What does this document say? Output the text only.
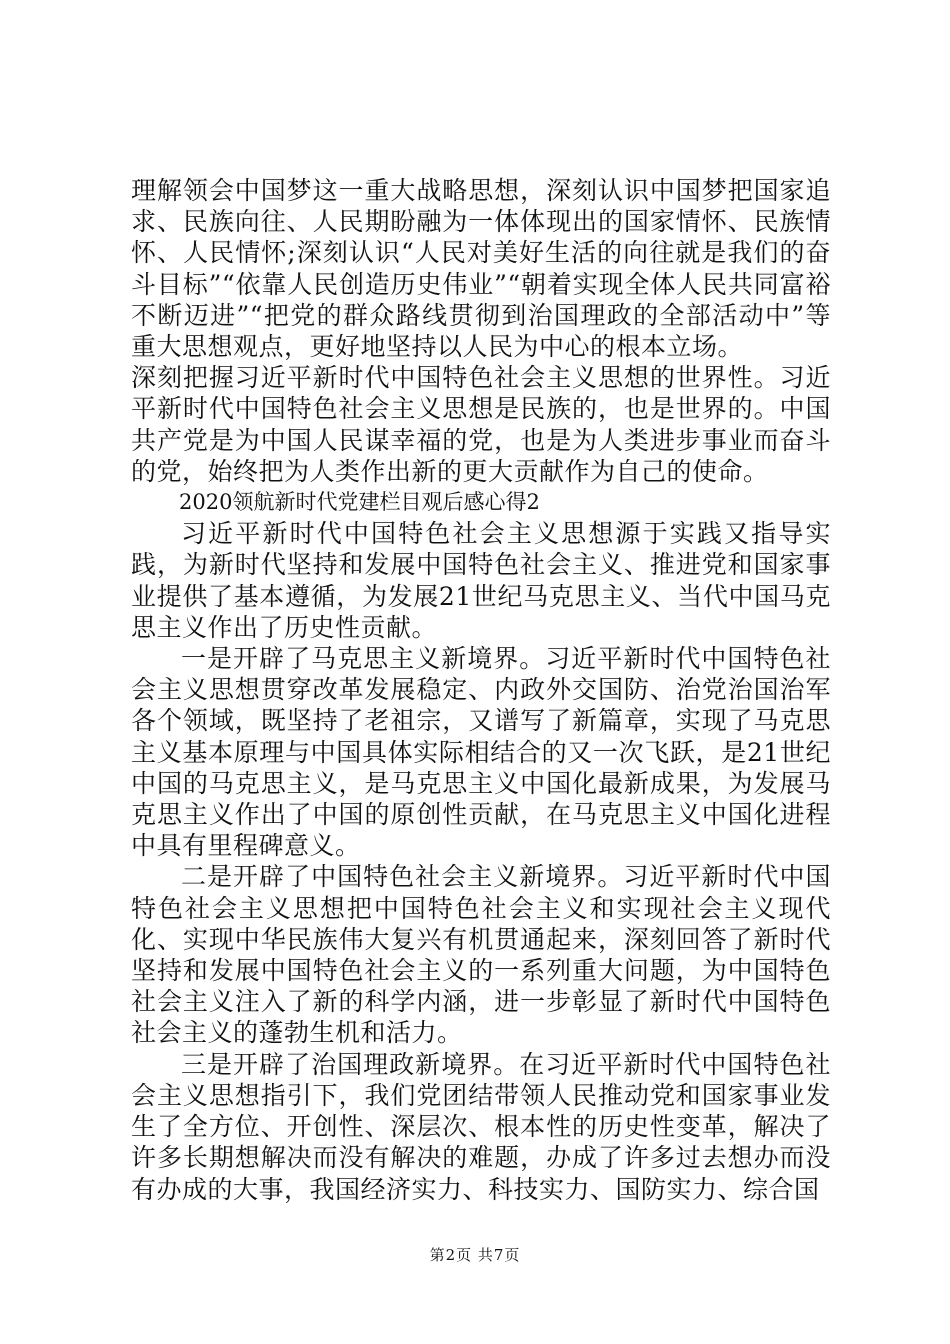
理解领会中国梦这一重大战略思想，深刻认识中国梦把国家追求、民族向往、人民期盼融为一体体现出的国家情怀、民族情怀、人民情怀;深刻认识“人民对美好生活的向往就是我们的奋斗目标”“依靠人民创造历史伟业”“朝着实现全体人民共同富裕不断迈进”“把党的群众路线贯彻到治国理政的全部活动中”等重大思想观点，更好地坚持以人民为中心的根本立场。

深刻把握习近平新时代中国特色社会主义思想的世界性。习近平新时代中国特色社会主义思想是民族的，也是世界的。中国共产党是为中国人民谋幸福的党，也是为人类进步事业而奋斗的党，始终把为人类作出新的更大贡献作为自己的使命。

2020领航新时代党建栏目观后感心得2

习近平新时代中国特色社会主义思想源于实践又指导实践，为新时代坚持和发展中国特色社会主义、推进党和国家事业提供了基本遵循，为发展21世纪马克思主义、当代中国马克思主义作出了历史性贡献。

一是开辟了马克思主义新境界。习近平新时代中国特色社会主义思想贯穿改革发展稳定、内政外交国防、治党治国治军各个领域，既坚持了老祖宗，又谱写了新篇章，实现了马克思主义基本原理与中国具体实际相结合的又一次飞跃，是21世纪中国的马克思主义，是马克思主义中国化最新成果，为发展马克思主义作出了中国的原创性贡献，在马克思主义中国化进程中具有里程碑意义。

二是开辟了中国特色社会主义新境界。习近平新时代中国特色社会主义思想把中国特色社会主义和实现社会主义现代化、实现中华民族伟大复兴有机贯通起来，深刻回答了新时代坚持和发展中国特色社会主义的一系列重大问题，为中国特色社会主义注入了新的科学内涵，进一步彰显了新时代中国特色社会主义的蓬勃生机和活力。

三是开辟了治国理政新境界。在习近平新时代中国特色社会主义思想指引下，我们党团结带领人民推动党和国家事业发生了全方位、开创性、深层次、根本性的历史性变革，解决了许多长期想解决而没有解决的难题，办成了许多过去想办而没有办成的大事，我国经济实力、科技实力、国防实力、综合国

第2页 共7页
